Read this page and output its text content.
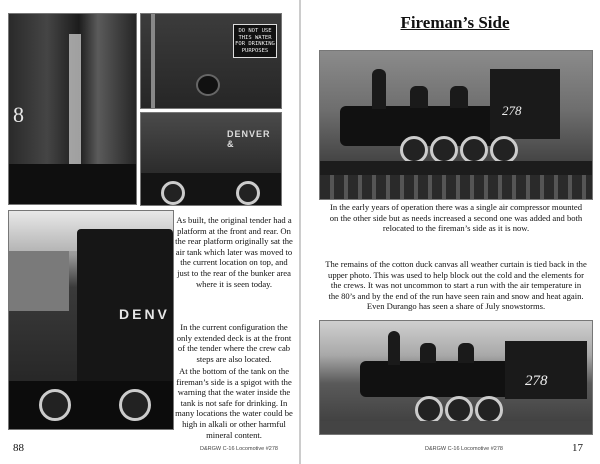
8
DO NOT USE THIS WATER FOR DRINKING PURPOSES
DENVER &
DENV
As built, the original tender had a platform at the front and rear. On the rear platform originally sat the air tank which later was moved to the current location on top, and just to the rear of the bunker area where it is seen today.
In the current configuration the only extended deck is at the front of the tender where the crew cab steps are also located.
At the bottom of the tank on the fireman’s side is a spigot with the warning that the water inside the tank is not safe for drinking. In many locations the water could be high in alkali or other harmful mineral content.
88	D&RGW C-16 Locomotive #278
Fireman’s Side
278
In the early years of operation there was a single air compressor mounted on the other side but as needs increased a second one was added and both relocated to the fireman’s side as it is now.
The remains of the cotton duck canvas all weather curtain is tied back in the upper photo. This was used to help block out the cold and the elements for the crews. It was not uncommon to start a run with the air temperature in the 80’s and by the end of the run have seen rain and snow and heat again. Even Durango has seen a share of July snowstorms.
278
17
D&RGW C-16 Locomotive #278
